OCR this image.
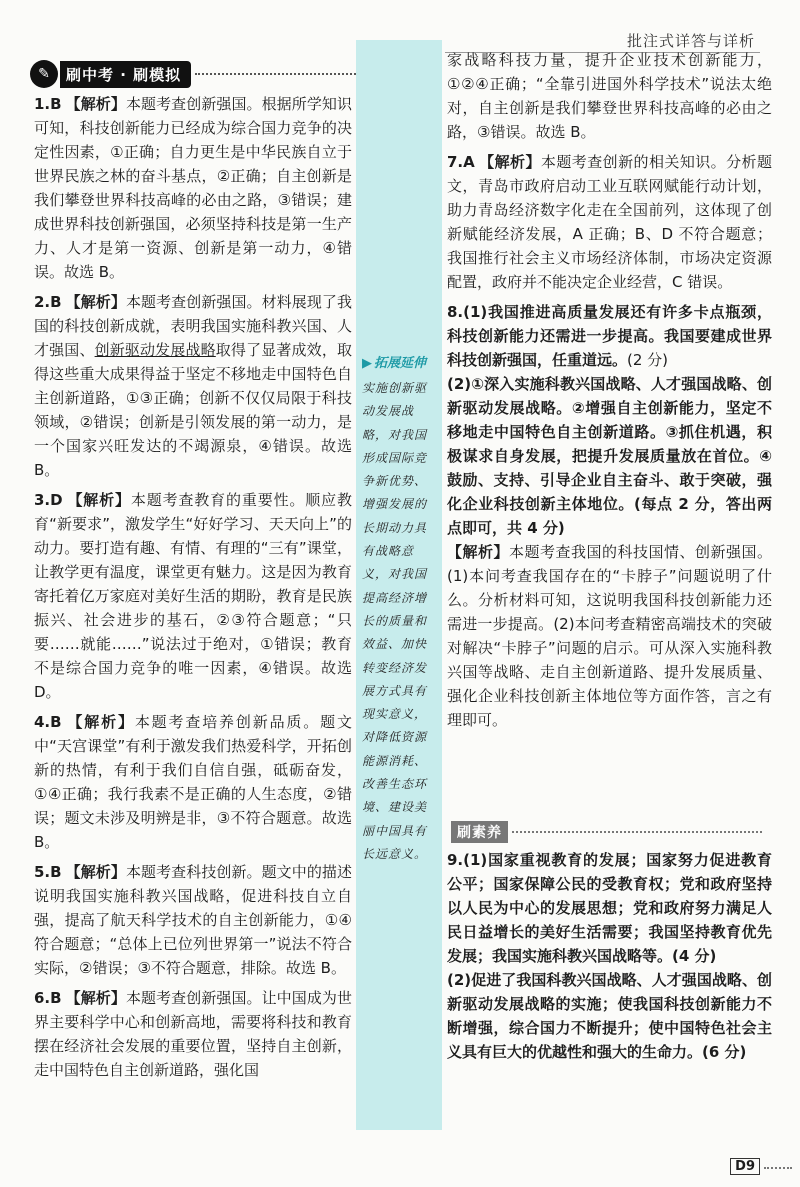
批注式详答与详析
✎	刷中考 · 刷模拟
▶ 拓展延伸
实施创新驱动发展战略，对我国形成国际竞争新优势、增强发展的长期动力具有战略意义，对我国提高经济增长的质量和效益、加快转变经济发展方式具有现实意义，对降低资源能源消耗、改善生态环境、建设美丽中国具有长远意义。
1.B 【解析】本题考查创新强国。根据所学知识可知，科技创新能力已经成为综合国力竞争的决定性因素，①正确；自力更生是中华民族自立于世界民族之林的奋斗基点，②正确；自主创新是我们攀登世界科技高峰的必由之路，③错误；建成世界科技创新强国，必须坚持科技是第一生产力、人才是第一资源、创新是第一动力，④错误。故选 B。
2.B 【解析】本题考查创新强国。材料展现了我国的科技创新成就，表明我国实施科教兴国、人才强国、创新驱动发展战略取得了显著成效，取得这些重大成果得益于坚定不移地走中国特色自主创新道路，①③正确；创新不仅仅局限于科技领域，②错误；创新是引领发展的第一动力，是一个国家兴旺发达的不竭源泉，④错误。故选 B。
3.D 【解析】本题考查教育的重要性。顺应教育“新要求”，激发学生“好好学习、天天向上”的动力。要打造有趣、有情、有理的“三有”课堂，让教学更有温度，课堂更有魅力。这是因为教育寄托着亿万家庭对美好生活的期盼，教育是民族振兴、社会进步的基石，②③符合题意；“只要……就能……”说法过于绝对，①错误；教育不是综合国力竞争的唯一因素，④错误。故选 D。
4.B 【解析】本题考查培养创新品质。题文中“天宫课堂”有利于激发我们热爱科学，开拓创新的热情，有利于我们自信自强，砥砺奋发，①④正确；我行我素不是正确的人生态度，②错误；题文未涉及明辨是非，③不符合题意。故选 B。
5.B 【解析】本题考查科技创新。题文中的描述说明我国实施科教兴国战略，促进科技自立自强，提高了航天科学技术的自主创新能力，①④符合题意；“总体上已位列世界第一”说法不符合实际，②错误；③不符合题意，排除。故选 B。
6.B 【解析】本题考查创新强国。让中国成为世界主要科学中心和创新高地，需要将科技和教育摆在经济社会发展的重要位置，坚持自主创新，走中国特色自主创新道路，强化国
家战略科技力量，提升企业技术创新能力，①②④正确；“全靠引进国外科学技术”说法太绝对，自主创新是我们攀登世界科技高峰的必由之路，③错误。故选 B。
7.A 【解析】本题考查创新的相关知识。分析题文，青岛市政府启动工业互联网赋能行动计划，助力青岛经济数字化走在全国前列，这体现了创新赋能经济发展，A 正确；B、D 不符合题意；我国推行社会主义市场经济体制，市场决定资源配置，政府并不能决定企业经营，C 错误。
8.(1)我国推进高质量发展还有许多卡点瓶颈，科技创新能力还需进一步提高。我国要建成世界科技创新强国，任重道远。(2 分)
(2)①深入实施科教兴国战略、人才强国战略、创新驱动发展战略。②增强自主创新能力，坚定不移地走中国特色自主创新道路。③抓住机遇，积极谋求自身发展，把提升发展质量放在首位。④鼓励、支持、引导企业自主奋斗、敢于突破，强化企业科技创新主体地位。(每点 2 分，答出两点即可，共 4 分)
【解析】本题考查我国的科技国情、创新强国。(1)本问考查我国存在的“卡脖子”问题说明了什么。分析材料可知，这说明我国科技创新能力还需进一步提高。(2)本问考查精密高端技术的突破对解决“卡脖子”问题的启示。可从深入实施科教兴国等战略、走自主创新道路、提升发展质量、强化企业科技创新主体地位等方面作答，言之有理即可。
刷素养
9.(1)国家重视教育的发展；国家努力促进教育公平；国家保障公民的受教育权；党和政府坚持以人民为中心的发展思想；党和政府努力满足人民日益增长的美好生活需要；我国坚持教育优先发展；我国实施科教兴国战略等。(4 分)
(2)促进了我国科教兴国战略、人才强国战略、创新驱动发展战略的实施；使我国科技创新能力不断增强，综合国力不断提升；使中国特色社会主义具有巨大的优越性和强大的生命力。(6 分)
D9
